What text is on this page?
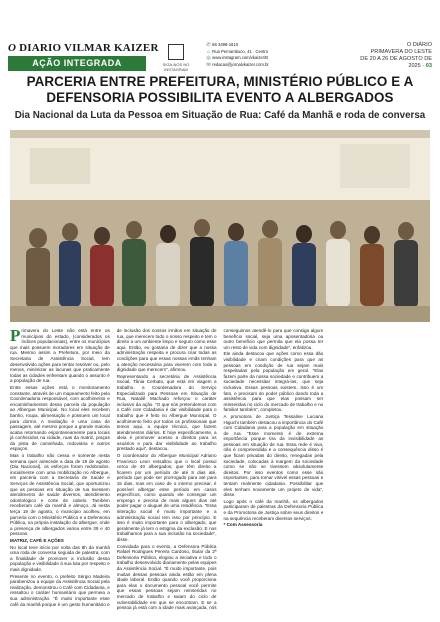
O DIARIO VILMAR KAIZER
AÇÃO INTEGRADA	SIGA-NOS NO INSTAGRAM
✆ 66 3498-1610
⌂ Rua Pernambuco, 41 · Centro
◎ www.instagram.com/vkaizer/B
✉ redacao@jornalvkaizer.com.br
O DIÁRIO
PRIMAVERA DO LESTE
DE 20 A 26 DE AGOSTO DE
2025 · 03
PARCERIA ENTRE PREFEITURA, MINISTÉRIO PÚBLICO E A DEFENSORIA POSSIBILITA EVENTO A ALBERGADOS
Dia Nacional da Luta da Pessoa em Situação de Rua: Café da Manhã e roda de conversa

Primavera do Leste não está entre os municípios do estado, (considerados os índices populacionais), entre os municípios que mais possuem moradores em situação de rua. Mesmo assim a Prefeitura, por meio da Secretaria de Assistência Social, tem desenvolvido ações para tentar resolver ou, pelo menos, minimizar as lacunas que praticamente todas as cidades enfrentam quando o assunto é a população de rua.

Entre essas ações está o monitoramento constante, através de um mapeamento feito pela Coordenadoria responsável, com acolhimento e encaminhamentos dessa parcela da população ao Albergue Municipal. No local eles recebem banho, roupa, alimentação e possuem um local para dormir. A mediação é uma casa de passagem, até mesmo porque a grande maioria acaba retornando espontaneamente para locais já conhecidos na cidade, ruas da matriz, praças da pista de caminhada, rodoviária e outros espaços.

Mas o trabalho não cessa e somente nesta semana quer antecede a data de 19 de agosto (Dia Nacional), os esforços foram redobrados, inicialmente com uma mobilização no Albergue, em parceria com a Secretaria de Saúde e Serviços de Assistência Social, que oportunizou que as pessoas em situação de rua tivessem atendimento de saúde diversos, atendimento odontológico e corte de cabelo. Também receberam café da manhã e almoço. Já nesta terça 19 de agosto, o município acolheu, em parceria com o Ministério Público e a Defensoria Pública, na própria instalação do albergue, onde a presença de albergados variou entre 39 e 40 pessoas.

MATRIZ, CAFÉ E AÇÕES

No local teve início por volta das 8h da manhã uma roda de conversa seguida de palestra, com a finalidade de promover a inclusão dessa população e visibilidade à sua luta por respeito e mais dignidade.

Presente no evento, o prefeito Sérgio Madeira parabenizou a equipe da Assistência Social pela realização, demonstrou o Café com Cidadania, e ressaltou o caráter humanitário que permeia a sua administração. “É muito importante esse café da manhã porque é um gesto humanitário e de inclusão dos nossos irmãos em situação de rua, que merecem todo o nosso respeito e tem o direito a um ambiente limpo e seguro como esse aqui. Então, eu gostaria de dizer que a nossa administração respeita e procura criar todas as condições para que essas nossas irmãs tenham a atenção necessária para viverem com toda a dignidade que merecem”, afirmou.

Representando a secretária de Assistência Social, Tânia Cerbato, que está em viagem a trabalho, a Coordenadora do Serviço Especializado para Pessoas em Situação de Rua, Nataliê Machado reforçou o caráter inclusivo da ação. “O que nós pretendemos com o Café com Cidadania é dar visibilidade para o trabalho que é feito no Albergue Municipal. O acolhimento feito por todos os profissionais que temos aqui, a equipe técnica, que fazem atendimentos diários. E hoje especificamente, a ideia é promover acesso a direitos para os usuários e para dar visibilidade ao trabalho prestado aqui”, destacou.

O coordenador do Albergue Municipal Adriano Francisco Leon ressaltou que o local possui cerca de 40 albergados, que têm direito a ficarem por um período de até 8 dias até, período que pode ser prorrogado para até para 15 dias, mas em caso de o interno precisar, é possível albergar esse período em casos específicos, como quando ele conseguir um emprego e precisa de mais alguns dias até poder pagar o aluguel de uma residência. “Essa interação social é muito importante e a administração social tem isso por princípio. E isso é muito importante para o albergado, que geralmente já tem o estigma da exclusão. E nos trabalhamos para a sua inclusão na sociedade”, disse.

Convidada para o evento, a Defensora Pública Rafael Rodrigues Pereira Cardoso, titular da 2ª Defensoria Pública, elogiou a iniciativa e todo o trabalho desenvolvido diariamente pelas equipes da Assistência Social. “É muito importante, pois muitas dessas pessoas ainda estão em plena idade laboral. Então quando você proporciona para elas o documento pessoal você permite que essas pessoas sejam reinseridas no mercado de trabalho e saiam do ciclo de vulnerabilidade em que se encontram. E se a pessoa já está com a idade mais avançada, nós conseguimos atendê-lo para que consiga algum benefício social, seja uma aposentadoria ou outro benefício que permita que ela possa ter um resto de vida com dignidade”, enfatizou.

Ele ainda destacou que ações como essa dão visibilidade e criam condições para que as pessoas em condição de rua sejam mais respeitadas pela população em geral. “Elas fazem parte da nossa sociedade e contribuem a sociedade necessitar integrá-las, que seja inclusiva. Essas pessoas existem, isso é um fato, e precisam do poder público dando toda a assistência para que elas possam ser reinseridas no ciclo do mercado de trabalho e no familiar também”, completou.

A promotora de Justiça Tessaline Luciana Higuchi também destacou a importância do Café com Cidadania para a população em situação de rua. “Esse momento é de extrema importância porque tira da invisibilidade as pessoas em situação de rua. Essa rede é viva, não é compreendida e a consequência disso é que ficam privadas do direito, renegadas pela sociedade, colocadas à margem da sociedade como se não se tivessem absolutamente direitos. Por isso eventos como esse são importantes, para tornar visível essas pessoas e tentam realmente cidadania. Possibilitar que eles tenham novamente um projeto de vida”, disse.

Logo após o café da manhã, os albergados participaram de palestras da Defensoria Pública e da Promotoria de Justiça sobre seus direitos e na sequência receberam diversos serviços.

* Com Assessoria
